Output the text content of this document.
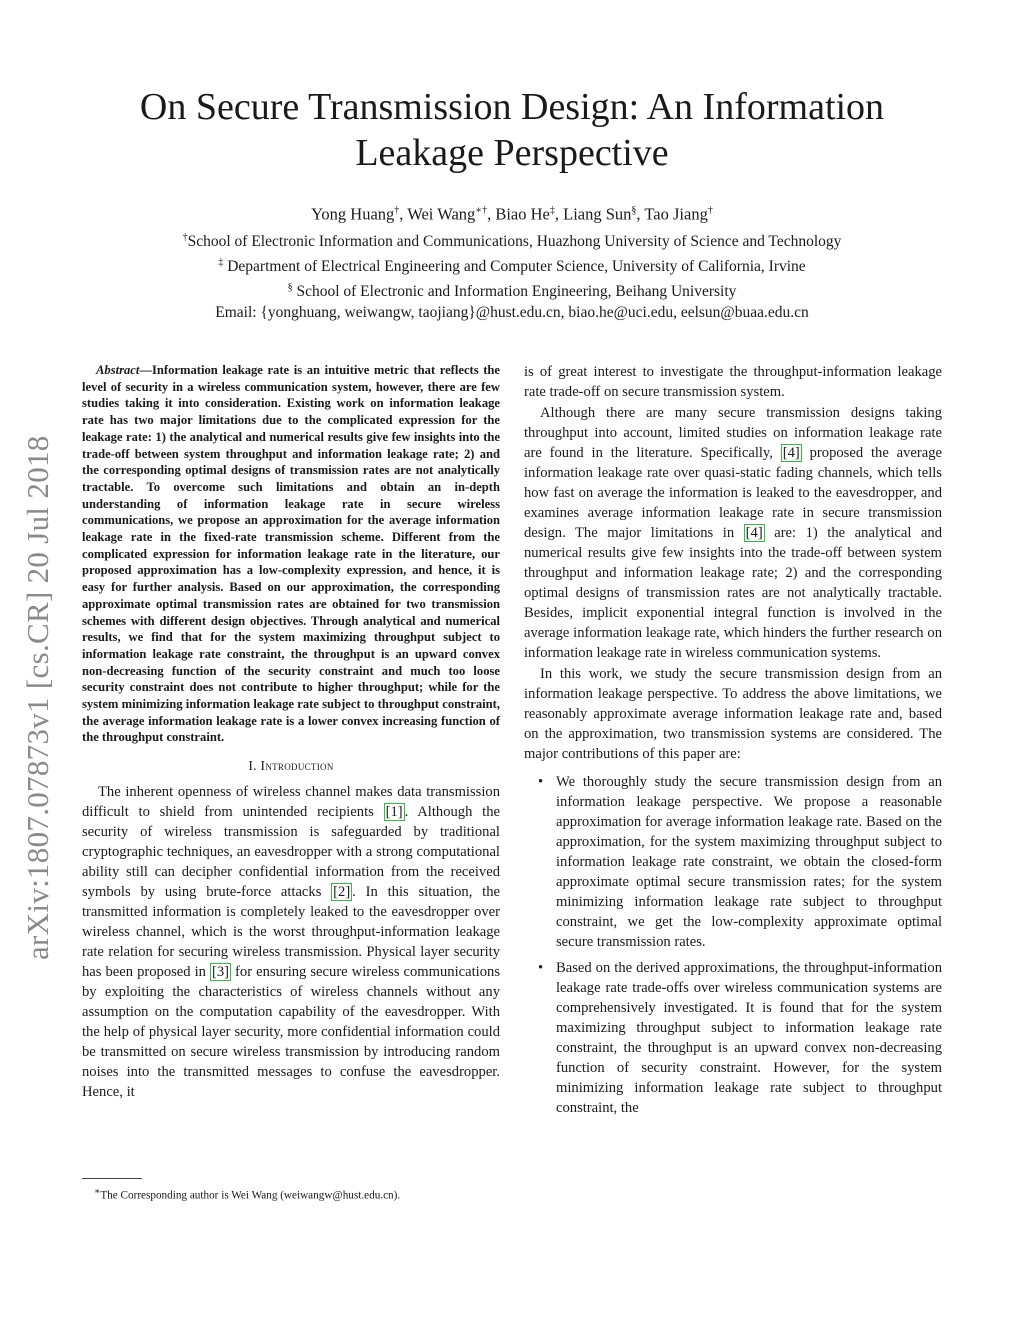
On Secure Transmission Design: An Information Leakage Perspective
Yong Huang†, Wei Wang∗†, Biao He‡, Liang Sun§, Tao Jiang†
†School of Electronic Information and Communications, Huazhong University of Science and Technology
‡ Department of Electrical Engineering and Computer Science, University of California, Irvine
§ School of Electronic and Information Engineering, Beihang University
Email: {yonghuang, weiwangw, taojiang}@hust.edu.cn, biao.he@uci.edu, eelsun@buaa.edu.cn
arXiv:1807.07873v1 [cs.CR] 20 Jul 2018

Abstract—Information leakage rate is an intuitive metric that reflects the level of security in a wireless communication system, however, there are few studies taking it into consideration. Existing work on information leakage rate has two major limitations due to the complicated expression for the leakage rate: 1) the analytical and numerical results give few insights into the trade-off between system throughput and information leakage rate; 2) and the corresponding optimal designs of transmission rates are not analytically tractable. To overcome such limitations and obtain an in-depth understanding of information leakage rate in secure wireless communications, we propose an approximation for the average information leakage rate in the fixed-rate transmission scheme. Different from the complicated expression for information leakage rate in the literature, our proposed approximation has a low-complexity expression, and hence, it is easy for further analysis. Based on our approximation, the corresponding approximate optimal transmission rates are obtained for two transmission schemes with different design objectives. Through analytical and numerical results, we find that for the system maximizing throughput subject to information leakage rate constraint, the throughput is an upward convex non-decreasing function of the security constraint and much too loose security constraint does not contribute to higher throughput; while for the system minimizing information leakage rate subject to throughput constraint, the average information leakage rate is a lower convex increasing function of the throughput constraint.

I. Introduction

The inherent openness of wireless channel makes data transmission difficult to shield from unintended recipients [1] . Although the security of wireless transmission is safeguarded by traditional cryptographic techniques, an eavesdropper with a strong computational ability still can decipher confidential information from the received symbols by using brute-force attacks [2] . In this situation, the transmitted information is completely leaked to the eavesdropper over wireless channel, which is the worst throughput-information leakage rate relation for securing wireless transmission. Physical layer security has been proposed in [3] for ensuring secure wireless communications by exploiting the characteristics of wireless channels without any assumption on the computation capability of the eavesdropper. With the help of physical layer security, more confidential information could be transmitted on secure wireless transmission by introducing random noises into the transmitted messages to confuse the eavesdropper. Hence, it

∗The Corresponding author is Wei Wang (weiwangw@hust.edu.cn).

is of great interest to investigate the throughput-information leakage rate trade-off on secure transmission system.

Although there are many secure transmission designs taking throughput into account, limited studies on information leakage rate are found in the literature. Specifically, [4] proposed the average information leakage rate over quasi-static fading channels, which tells how fast on average the information is leaked to the eavesdropper, and examines average information leakage rate in secure transmission design. The major limitations in [4] are: 1) the analytical and numerical results give few insights into the trade-off between system throughput and information leakage rate; 2) and the corresponding optimal designs of transmission rates are not analytically tractable. Besides, implicit exponential integral function is involved in the average information leakage rate, which hinders the further research on information leakage rate in wireless communication systems.

In this work, we study the secure transmission design from an information leakage perspective. To address the above limitations, we reasonably approximate average information leakage rate and, based on the approximation, two transmission systems are considered. The major contributions of this paper are:

• We thoroughly study the secure transmission design from an information leakage perspective. We propose a reasonable approximation for average information leakage rate. Based on the approximation, for the system maximizing throughput subject to information leakage rate constraint, we obtain the closed-form approximate optimal secure transmission rates; for the system minimizing information leakage rate subject to throughput constraint, we get the low-complexity approximate optimal secure transmission rates.
• Based on the derived approximations, the throughput-information leakage rate trade-offs over wireless communication systems are comprehensively investigated. It is found that for the system maximizing throughput subject to information leakage rate constraint, the throughput is an upward convex non-decreasing function of security constraint. However, for the system minimizing information leakage rate subject to throughput constraint, the
